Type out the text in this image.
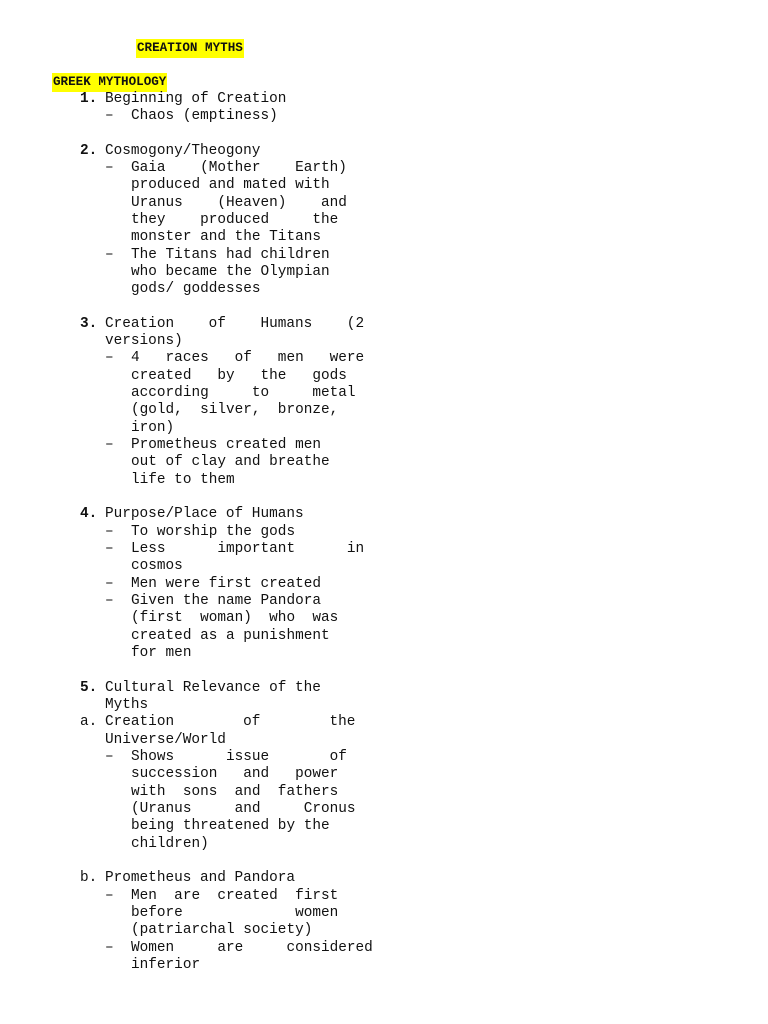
CREATION MYTHS
GREEK MYTHOLOGY
1. Beginning of Creation
– Chaos (emptiness)
2. Cosmogony/Theogony
– Gaia    (Mother    Earth)
produced and mated with
Uranus    (Heaven)    and
they    produced     the
monster and the Titans
– The Titans had children
who became the Olympian
gods/ goddesses
3. Creation    of    Humans    (2
versions)
– 4   races   of   men   were
created   by   the   gods
according     to     metal
(gold,  silver,  bronze,
iron)
– Prometheus created men
out of clay and breathe
life to them
4. Purpose/Place of Humans
– To worship the gods
– Less      important      in
cosmos
– Men were first created
– Given the name Pandora
(first  woman)  who  was
created as a punishment
for men
5. Cultural Relevance of the
Myths
a. Creation        of        the
Universe/World
– Shows      issue       of
succession   and   power
with  sons  and  fathers
(Uranus     and     Cronus
being threatened by the
children)
b. Prometheus and Pandora
– Men  are  created  first
before             women
(patriarchal society)
– Women     are     considered
inferior
